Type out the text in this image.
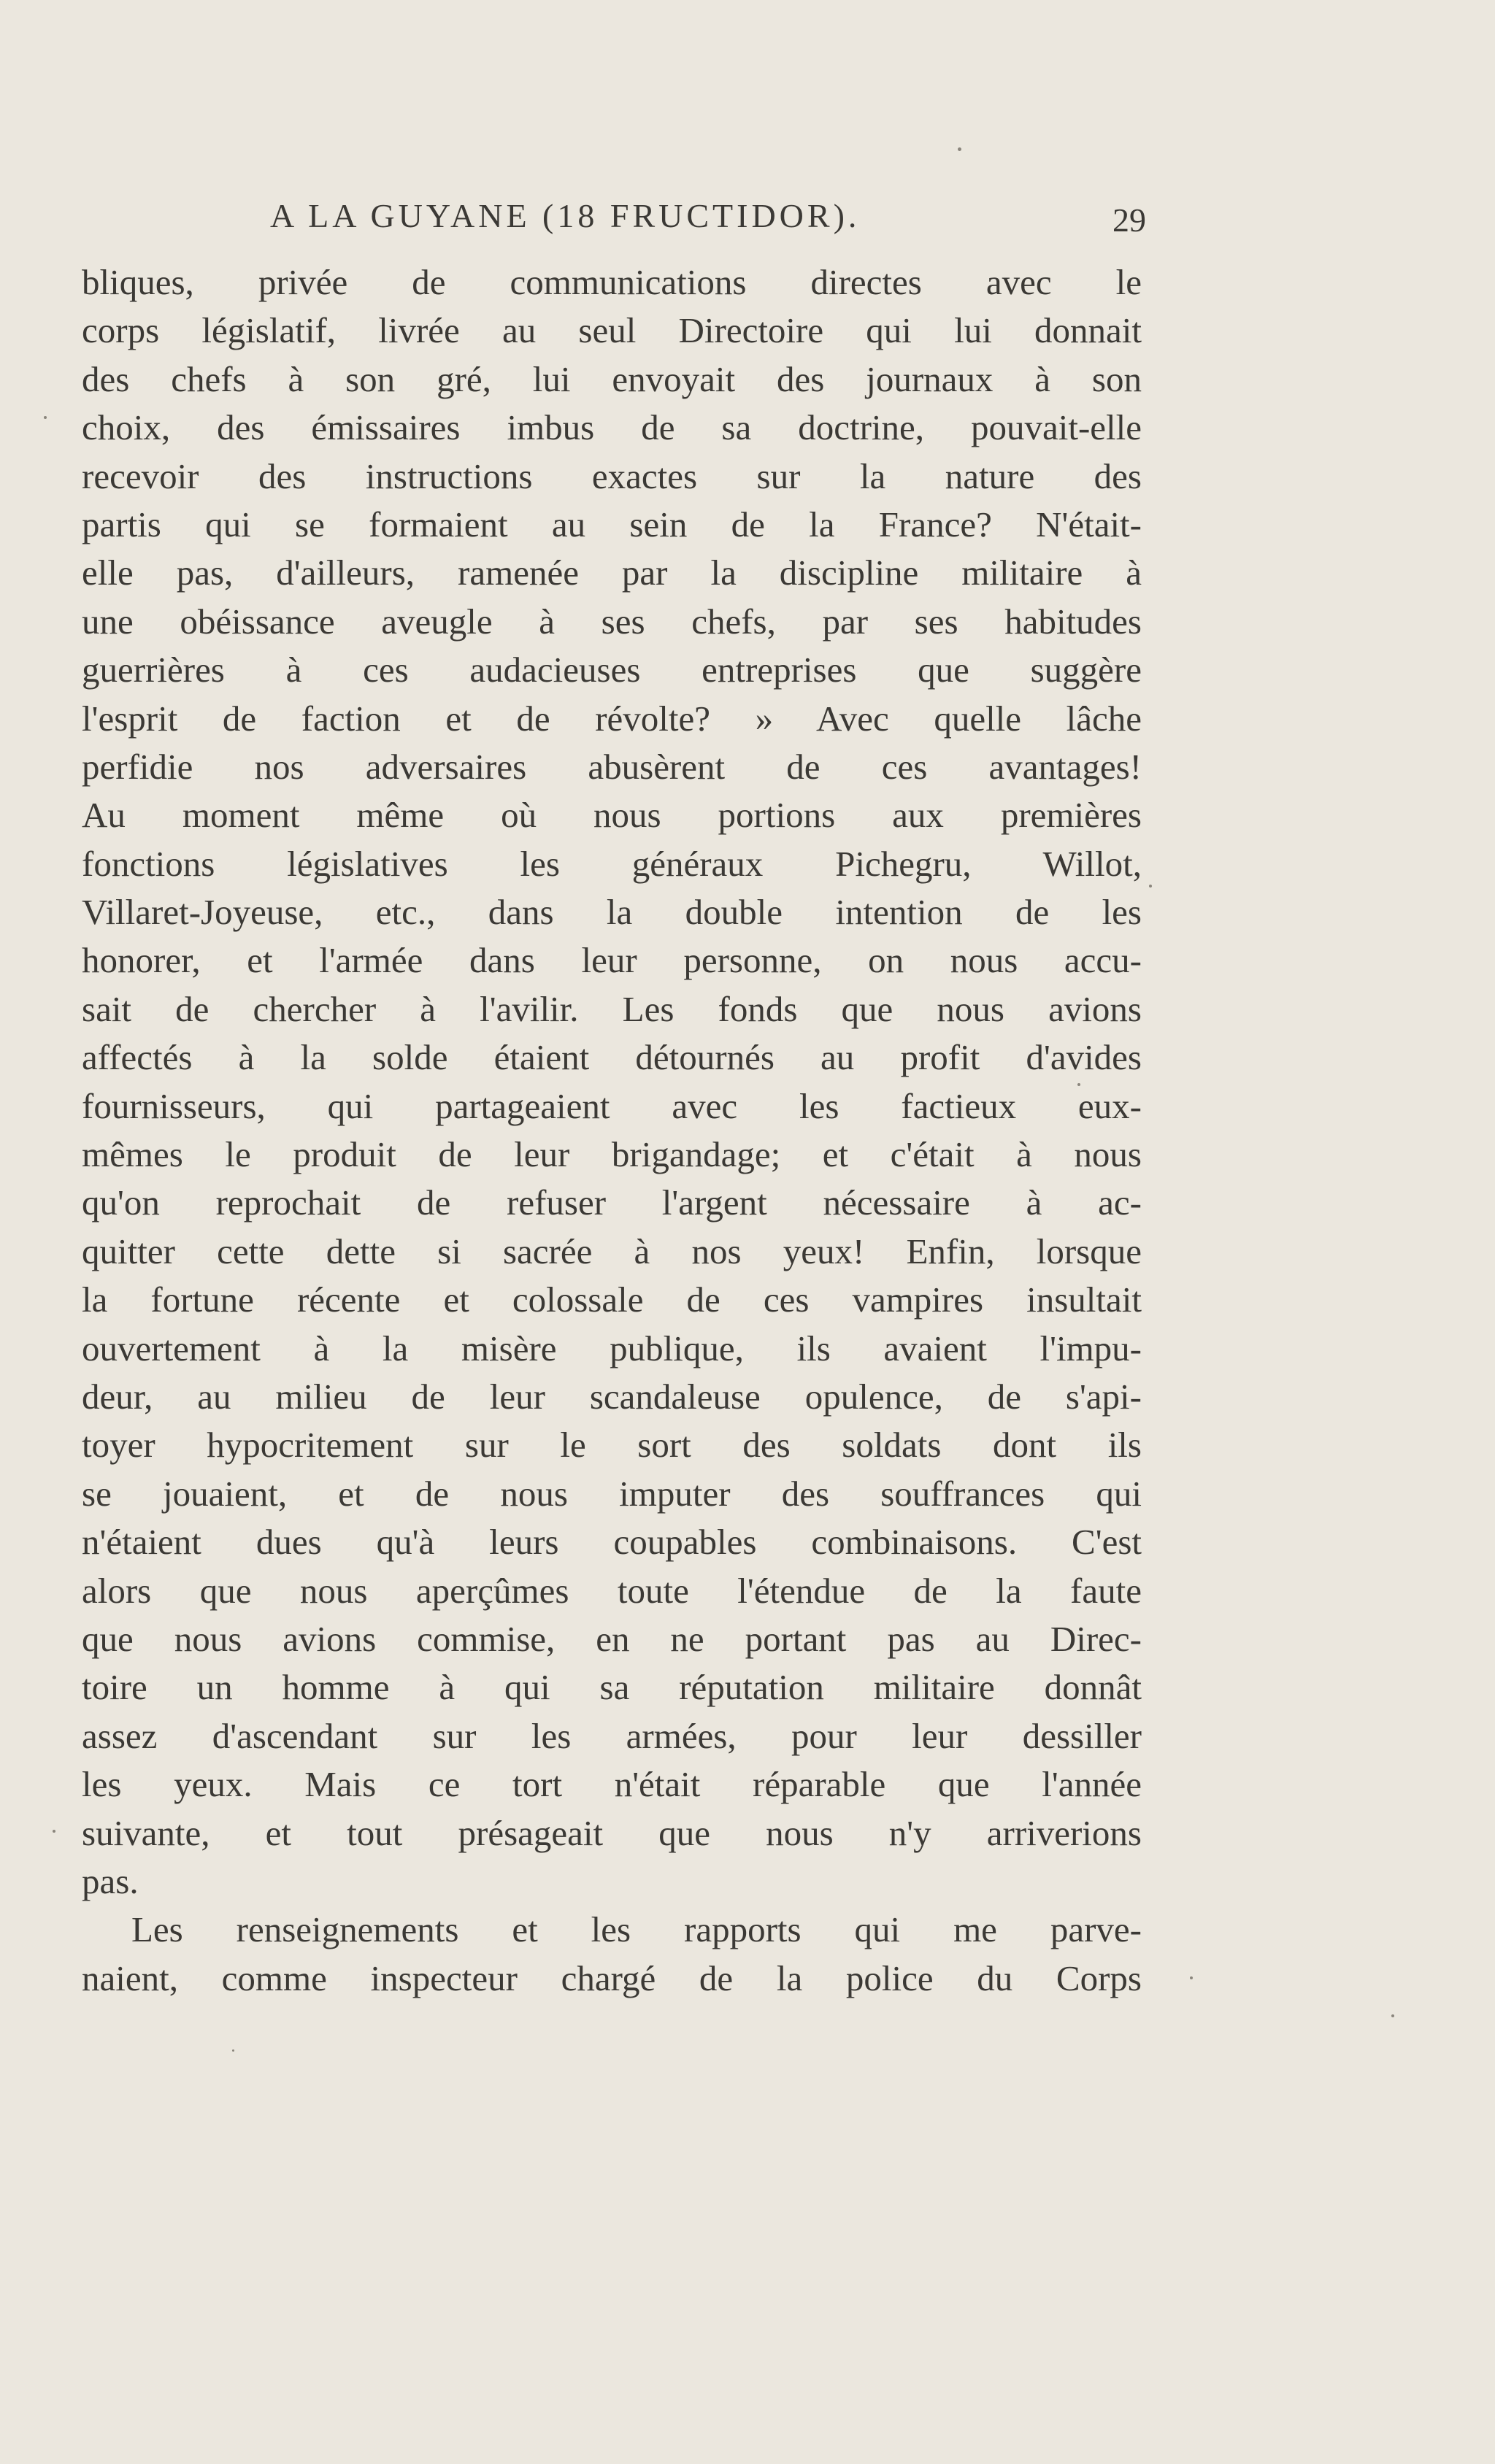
A LA GUYANE (18 FRUCTIDOR).	29
bliques, privée de communications directes avec le
corps législatif, livrée au seul Directoire qui lui donnait
des chefs à son gré, lui envoyait des journaux à son
choix, des émissaires imbus de sa doctrine, pouvait-elle
recevoir des instructions exactes sur la nature des
partis qui se formaient au sein de la France? N'était-
elle pas, d'ailleurs, ramenée par la discipline militaire à
une obéissance aveugle à ses chefs, par ses habitudes
guerrières à ces audacieuses entreprises que suggère
l'esprit de faction et de révolte? » Avec quelle lâche
perfidie nos adversaires abusèrent de ces avantages!
Au moment même où nous portions aux premières
fonctions législatives les généraux Pichegru, Willot,
Villaret-Joyeuse, etc., dans la double intention de les
honorer, et l'armée dans leur personne, on nous accu-
sait de chercher à l'avilir. Les fonds que nous avions
affectés à la solde étaient détournés au profit d'avides
fournisseurs, qui partageaient avec les factieux eux-
mêmes le produit de leur brigandage; et c'était à nous
qu'on reprochait de refuser l'argent nécessaire à ac-
quitter cette dette si sacrée à nos yeux! Enfin, lorsque
la fortune récente et colossale de ces vampires insultait
ouvertement à la misère publique, ils avaient l'impu-
deur, au milieu de leur scandaleuse opulence, de s'api-
toyer hypocritement sur le sort des soldats dont ils
se jouaient, et de nous imputer des souffrances qui
n'étaient dues qu'à leurs coupables combinaisons. C'est
alors que nous aperçûmes toute l'étendue de la faute
que nous avions commise, en ne portant pas au Direc-
toire un homme à qui sa réputation militaire donnât
assez d'ascendant sur les armées, pour leur dessiller
les yeux. Mais ce tort n'était réparable que l'année
suivante, et tout présageait que nous n'y arriverions
pas.
Les renseignements et les rapports qui me parve-
naient, comme inspecteur chargé de la police du Corps
